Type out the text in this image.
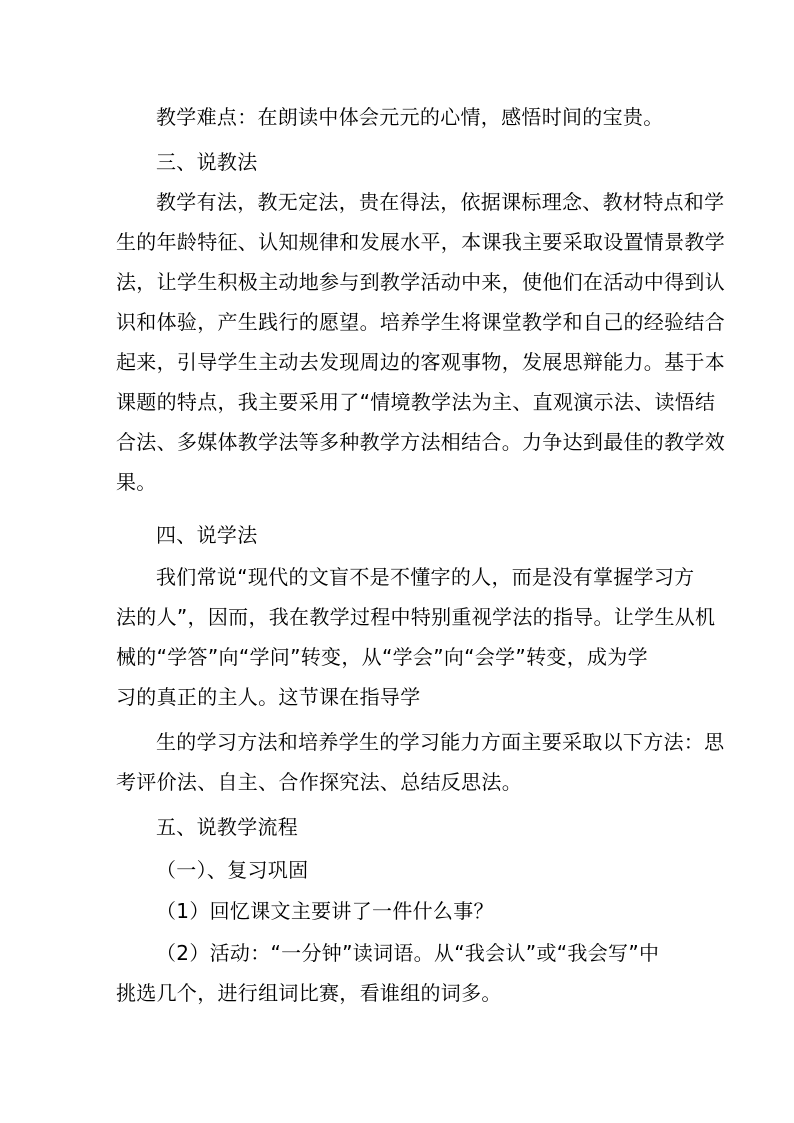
教学难点：在朗读中体会元元的心情，感悟时间的宝贵。
三、说教法
教学有法，教无定法，贵在得法，依据课标理念、教材特点和学
生的年龄特征、认知规律和发展水平，本课我主要采取设置情景教学
法，让学生积极主动地参与到教学活动中来，使他们在活动中得到认
识和体验，产生践行的愿望。培养学生将课堂教学和自己的经验结合
起来，引导学生主动去发现周边的客观事物，发展思辩能力。基于本
课题的特点，我主要采用了“情境教学法为主、直观演示法、读悟结
合法、多媒体教学法等多种教学方法相结合。力争达到最佳的教学效
果。
四、说学法
我们常说“现代的文盲不是不懂字的人，而是没有掌握学习方
法的人”，因而，我在教学过程中特别重视学法的指导。让学生从机
械的“学答”向“学问”转变，从“学会”向“会学”转变，成为学
习的真正的主人。这节课在指导学
生的学习方法和培养学生的学习能力方面主要采取以下方法：思
考评价法、自主、合作探究法、总结反思法。
五、说教学流程
（一）、复习巩固
（1）回忆课文主要讲了一件什么事？
（2）活动：“一分钟”读词语。从“我会认”或“我会写”中
挑选几个，进行组词比赛，看谁组的词多。
